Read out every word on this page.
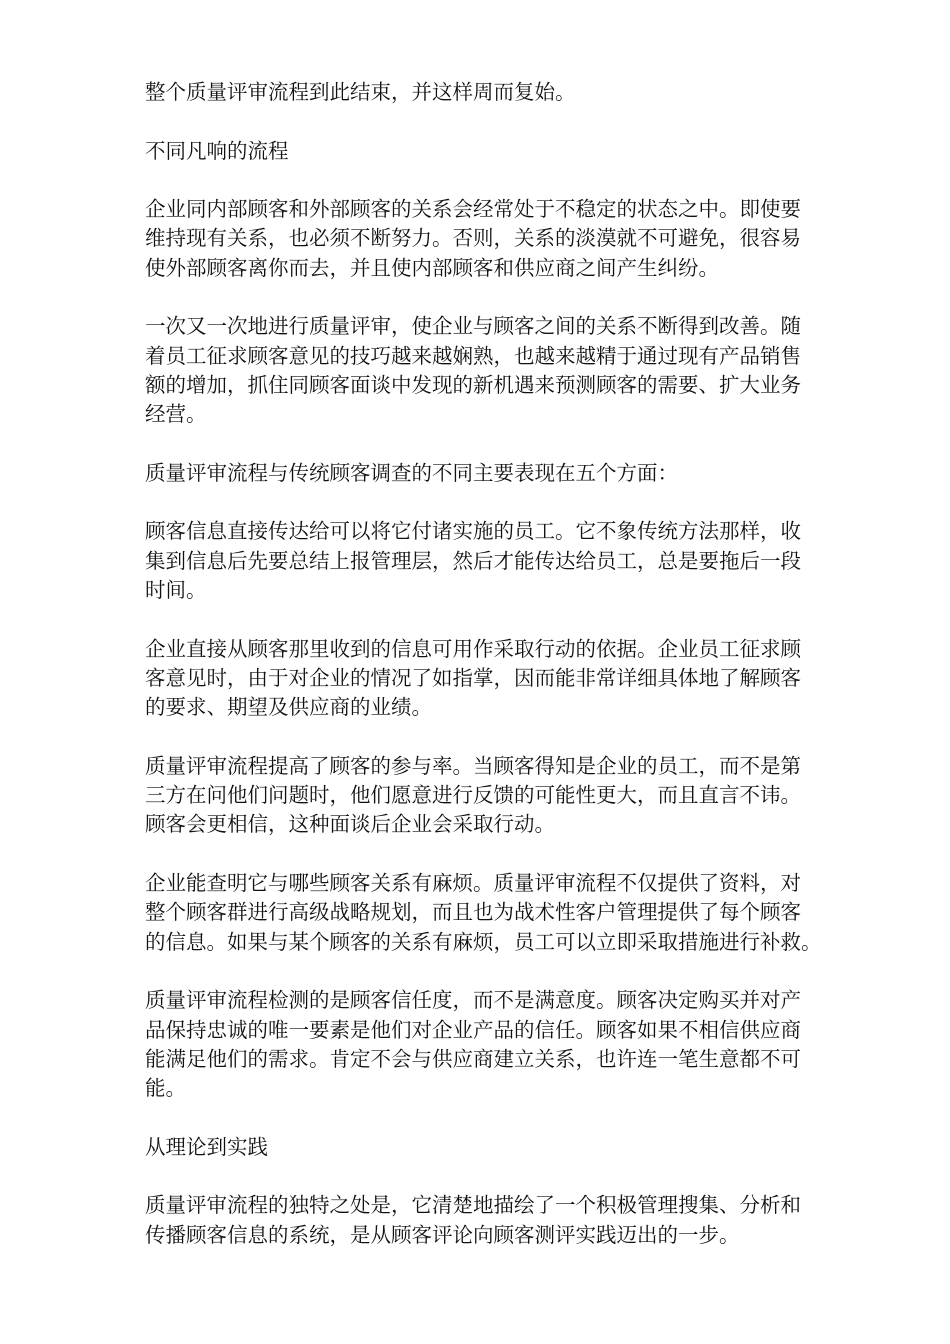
整个质量评审流程到此结束，并这样周而复始。

不同凡响的流程

企业同内部顾客和外部顾客的关系会经常处于不稳定的状态之中。即使要
维持现有关系，也必须不断努力。否则，关系的淡漠就不可避免，很容易
使外部顾客离你而去，并且使内部顾客和供应商之间产生纠纷。

一次又一次地进行质量评审，使企业与顾客之间的关系不断得到改善。随
着员工征求顾客意见的技巧越来越娴熟，也越来越精于通过现有产品销售
额的增加，抓住同顾客面谈中发现的新机遇来预测顾客的需要、扩大业务
经营。

质量评审流程与传统顾客调查的不同主要表现在五个方面：

顾客信息直接传达给可以将它付诸实施的员工。它不象传统方法那样，收
集到信息后先要总结上报管理层，然后才能传达给员工，总是要拖后一段
时间。

企业直接从顾客那里收到的信息可用作采取行动的依据。企业员工征求顾
客意见时，由于对企业的情况了如指掌，因而能非常详细具体地了解顾客
的要求、期望及供应商的业绩。

质量评审流程提高了顾客的参与率。当顾客得知是企业的员工，而不是第
三方在问他们问题时，他们愿意进行反馈的可能性更大，而且直言不讳。
顾客会更相信，这种面谈后企业会采取行动。

企业能查明它与哪些顾客关系有麻烦。质量评审流程不仅提供了资料，对
整个顾客群进行高级战略规划，而且也为战术性客户管理提供了每个顾客
的信息。如果与某个顾客的关系有麻烦，员工可以立即采取措施进行补救。

质量评审流程检测的是顾客信任度，而不是满意度。顾客决定购买并对产
品保持忠诚的唯一要素是他们对企业产品的信任。顾客如果不相信供应商
能满足他们的需求。肯定不会与供应商建立关系，也许连一笔生意都不可
能。

从理论到实践

质量评审流程的独特之处是，它清楚地描绘了一个积极管理搜集、分析和
传播顾客信息的系统，是从顾客评论向顾客测评实践迈出的一步。
